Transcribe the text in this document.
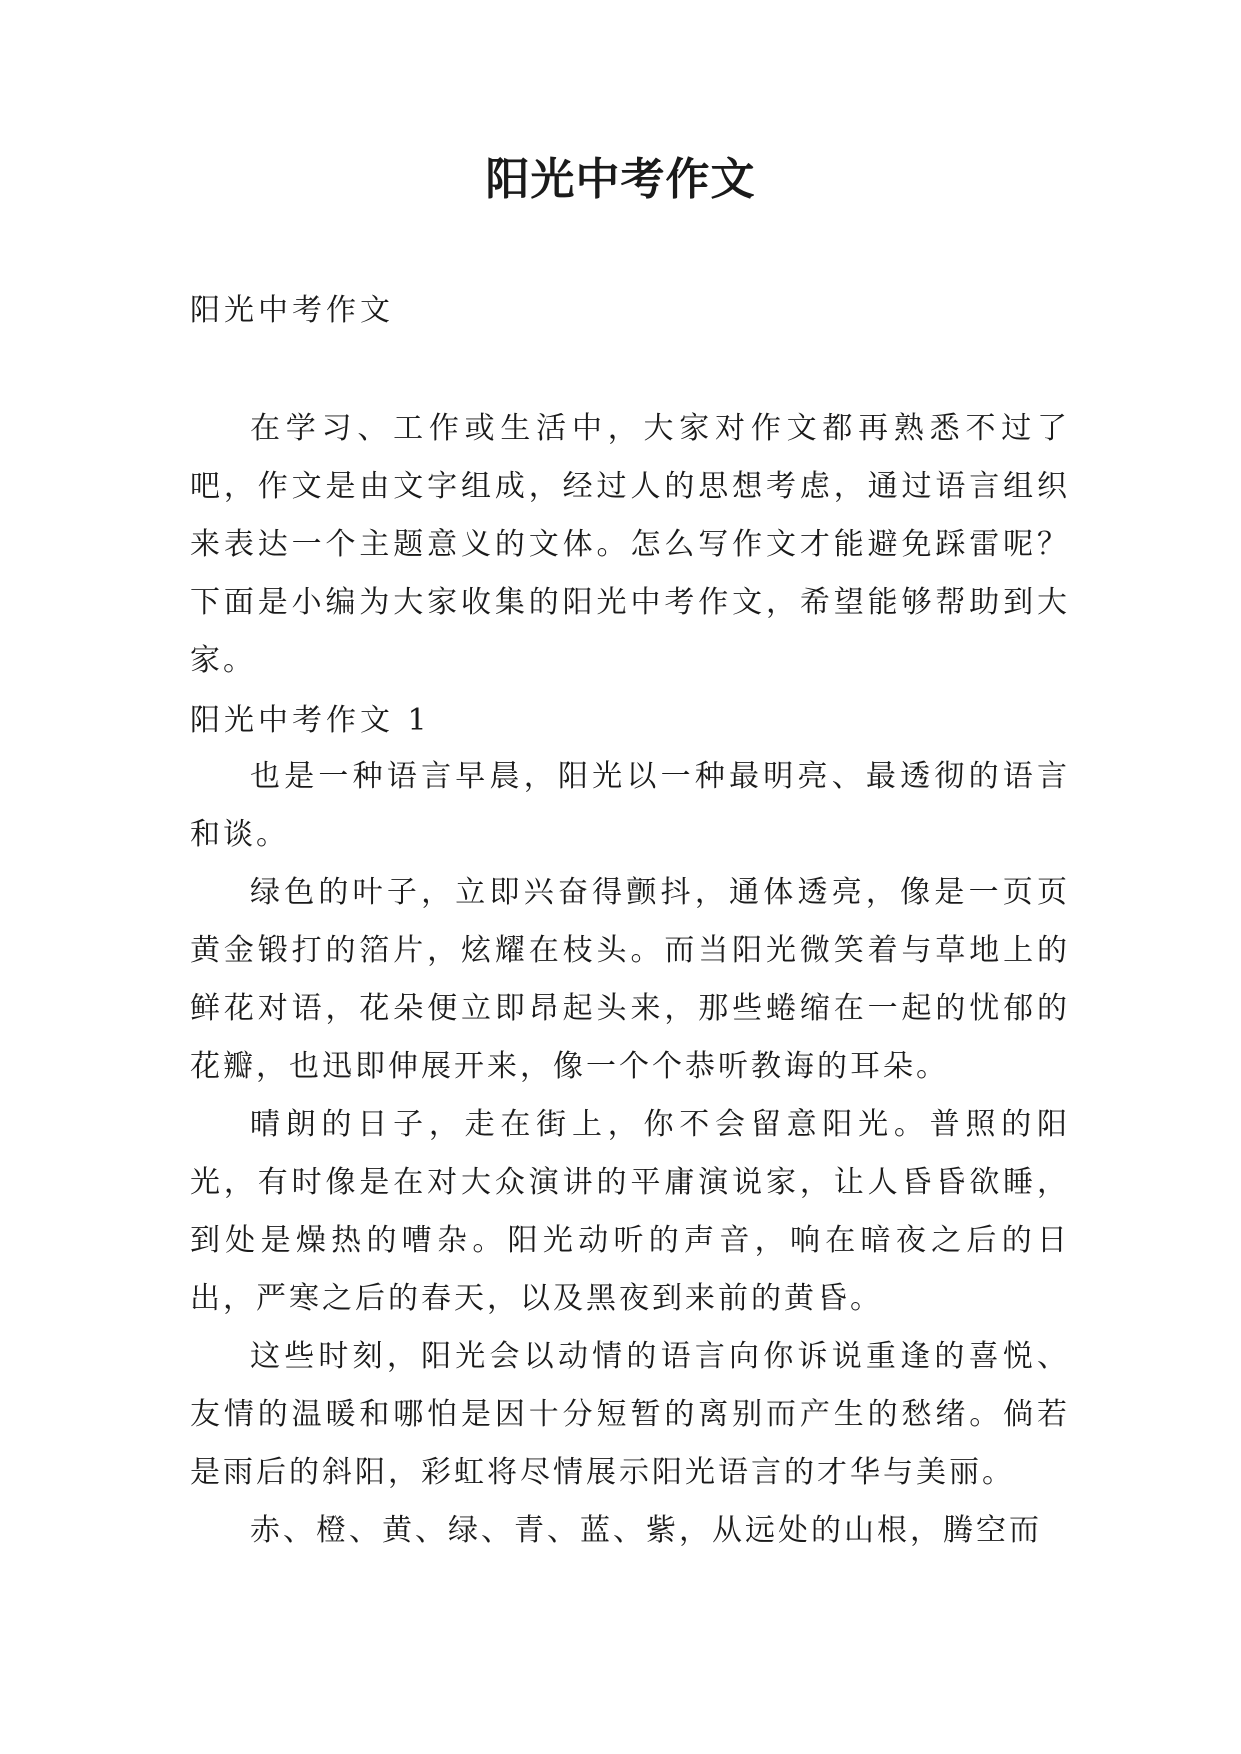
阳光中考作文
阳光中考作文

在学习、工作或生活中，大家对作文都再熟悉不过了吧，作文是由文字组成，经过人的思想考虑，通过语言组织来表达一个主题意义的文体。怎么写作文才能避免踩雷呢？下面是小编为大家收集的阳光中考作文，希望能够帮助到大家。

阳光中考作文 1

也是一种语言早晨，阳光以一种最明亮、最透彻的语言和谈。

绿色的叶子，立即兴奋得颤抖，通体透亮，像是一页页黄金锻打的箔片，炫耀在枝头。而当阳光微笑着与草地上的鲜花对语，花朵便立即昂起头来，那些蜷缩在一起的忧郁的花瓣，也迅即伸展开来，像一个个恭听教诲的耳朵。

晴朗的日子，走在街上，你不会留意阳光。普照的阳光，有时像是在对大众演讲的平庸演说家，让人昏昏欲睡，到处是燥热的嘈杂。阳光动听的声音，响在暗夜之后的日出，严寒之后的春天，以及黑夜到来前的黄昏。

这些时刻，阳光会以动情的语言向你诉说重逢的喜悦、友情的温暖和哪怕是因十分短暂的离别而产生的愁绪。倘若是雨后的斜阳，彩虹将尽情展示阳光语言的才华与美丽。

赤、橙、黄、绿、青、蓝、紫，从远处的山根，腾空而
